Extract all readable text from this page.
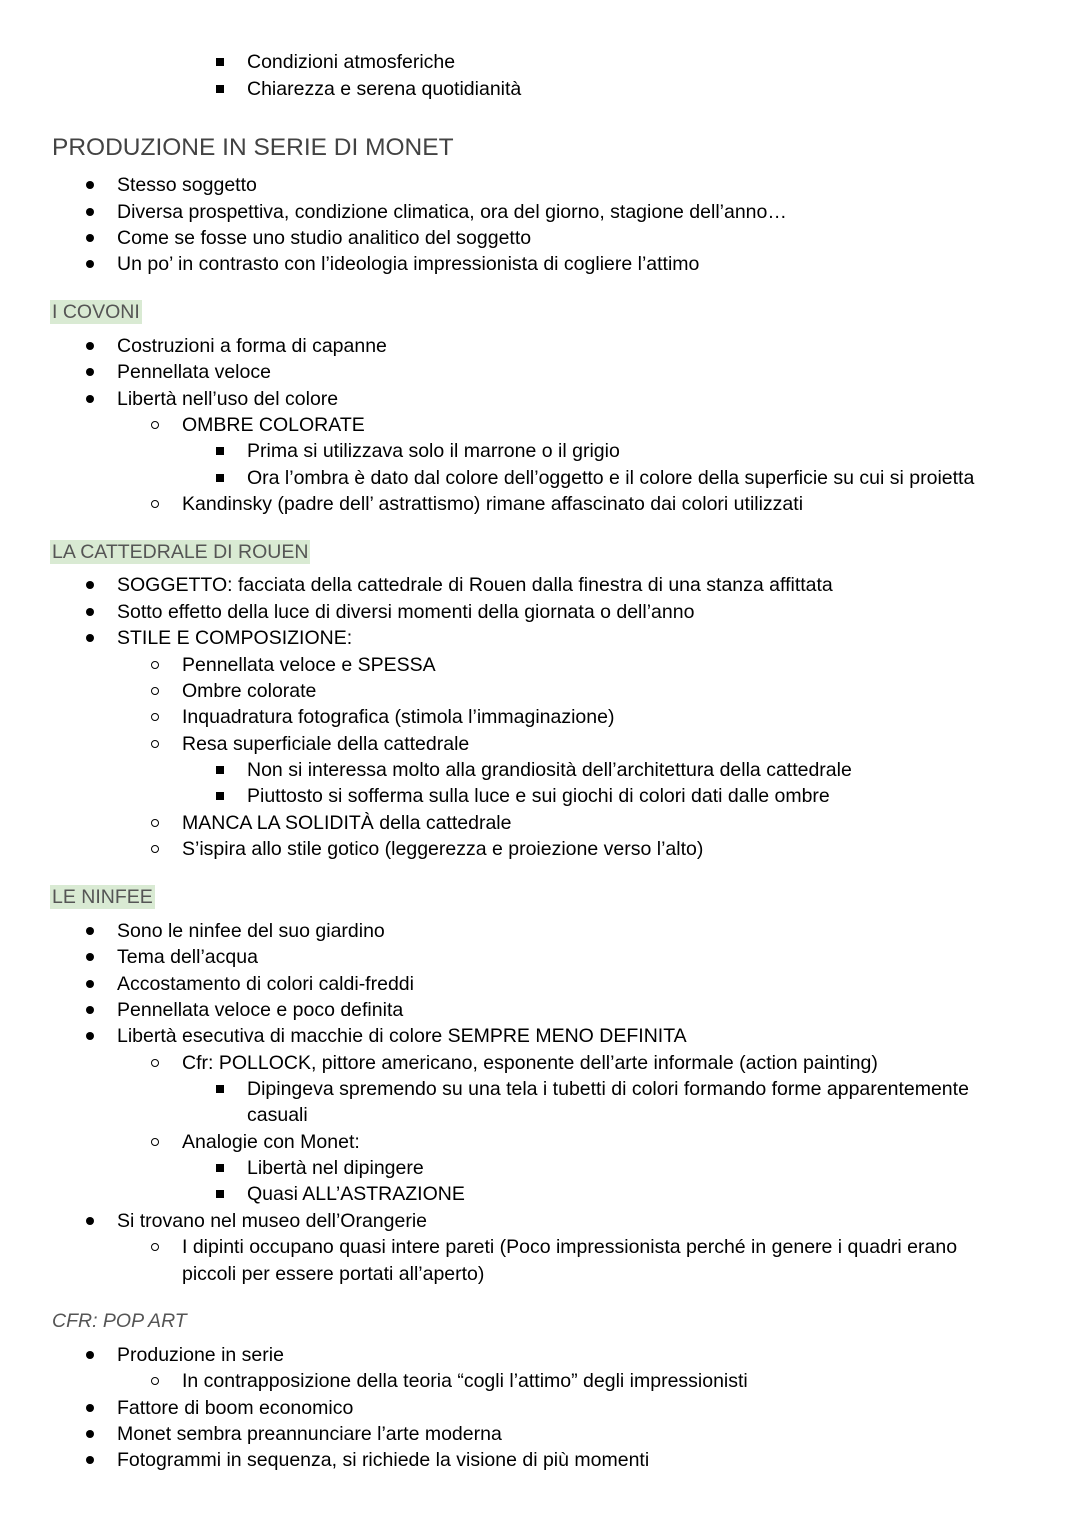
Condizioni atmosferiche
Chiarezza e serena quotidianità
PRODUZIONE IN SERIE DI MONET
Stesso soggetto
Diversa prospettiva, condizione climatica, ora del giorno, stagione dell’anno…
Come se fosse uno studio analitico del soggetto
Un po’ in contrasto con l’ideologia impressionista di cogliere l’attimo
I COVONI
Costruzioni a forma di capanne
Pennellata veloce
Libertà nell’uso del colore
OMBRE COLORATE
Prima si utilizzava solo il marrone o il grigio
Ora l’ombra è dato dal colore dell’oggetto e il colore della superficie su cui si proietta
Kandinsky (padre dell’ astrattismo) rimane affascinato dai colori utilizzati
LA CATTEDRALE DI ROUEN
SOGGETTO: facciata della cattedrale di Rouen dalla finestra di una stanza affittata
Sotto effetto della luce di diversi momenti della giornata o dell’anno
STILE E COMPOSIZIONE:
Pennellata veloce e SPESSA
Ombre colorate
Inquadratura fotografica (stimola l’immaginazione)
Resa superficiale della cattedrale
Non si interessa molto alla grandiosità dell’architettura della cattedrale
Piuttosto si sofferma sulla luce e sui giochi di colori dati dalle ombre
MANCA LA SOLIDITÀ della cattedrale
S’ispira allo stile gotico (leggerezza e proiezione verso l’alto)
LE NINFEE
Sono le ninfee del suo giardino
Tema dell’acqua
Accostamento di colori caldi-freddi
Pennellata veloce e poco definita
Libertà esecutiva di macchie di colore SEMPRE MENO DEFINITA
Cfr: POLLOCK, pittore americano, esponente dell’arte informale (action painting)
Dipingeva spremendo su una tela i tubetti di colori formando forme apparentemente
casuali
Analogie con Monet:
Libertà nel dipingere
Quasi ALL’ASTRAZIONE
Si trovano nel museo dell’Orangerie
I dipinti occupano quasi intere pareti (Poco impressionista perché in genere i quadri erano
piccoli per essere portati all’aperto)
CFR: POP ART
Produzione in serie
In contrapposizione della teoria “cogli l’attimo” degli impressionisti
Fattore di boom economico
Monet sembra preannunciare l’arte moderna
Fotogrammi in sequenza, si richiede la visione di più momenti
